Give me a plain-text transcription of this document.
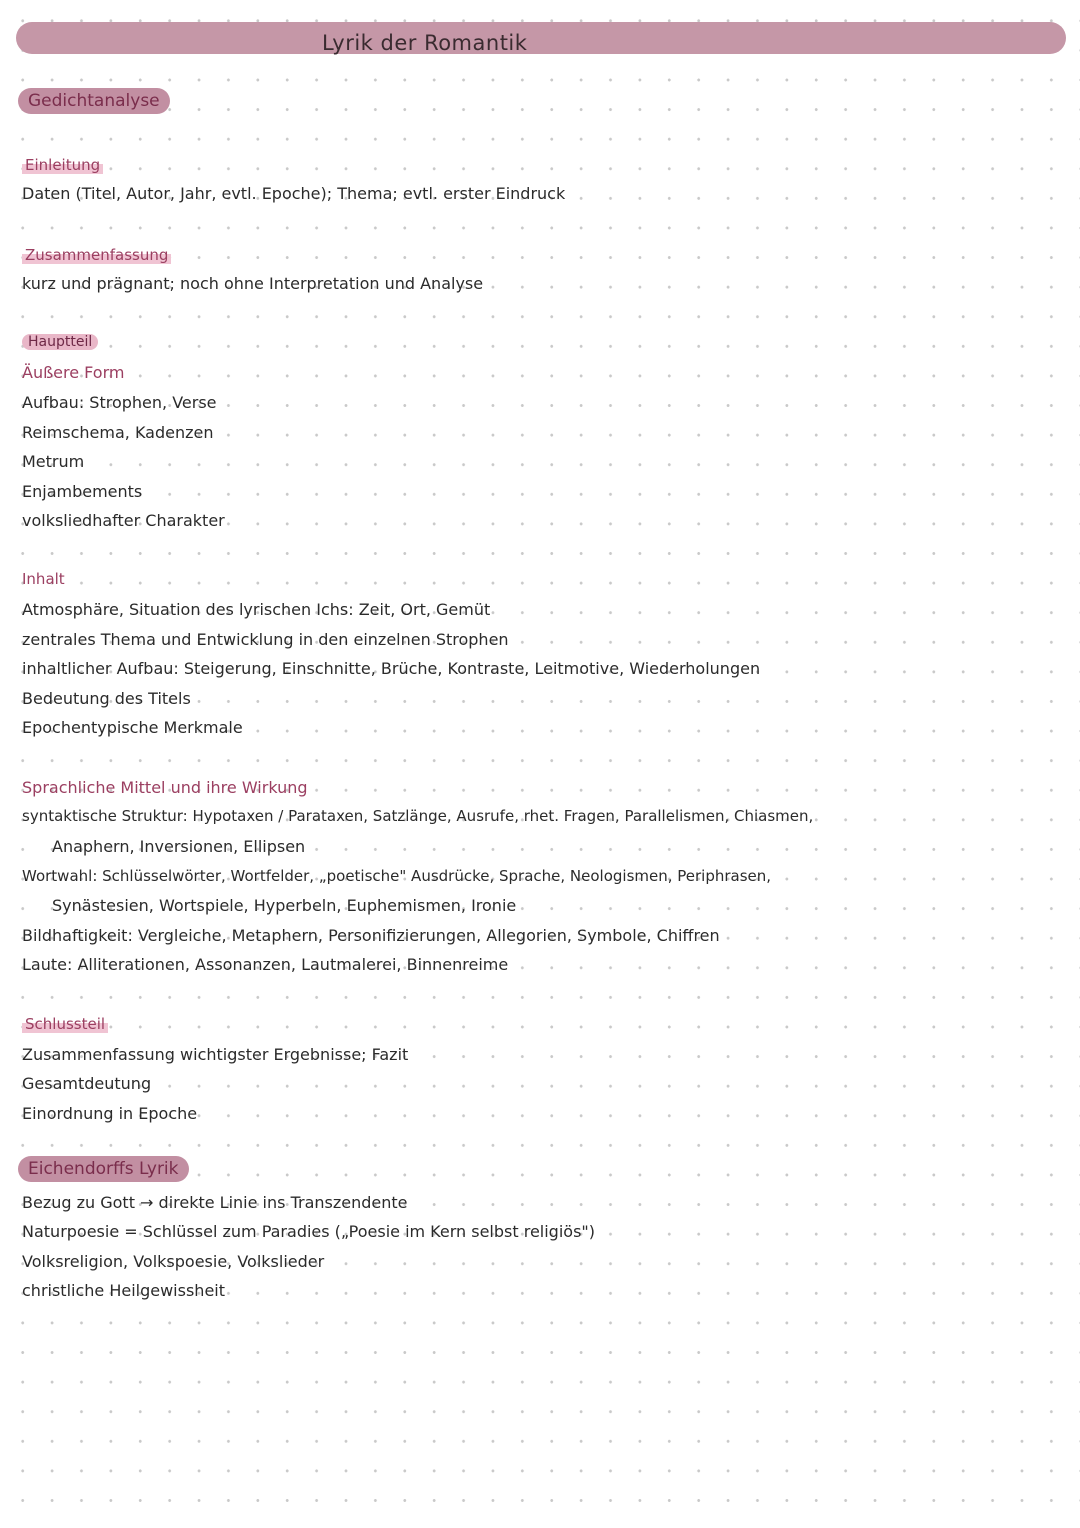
Lyrik der Romantik
Gedichtanalyse
Einleitung
Daten (Titel, Autor, Jahr, evtl. Epoche); Thema; evtl. erster Eindruck
Zusammenfassung
kurz und prägnant; noch ohne Interpretation und Analyse
Hauptteil
Äußere Form
Aufbau: Strophen, Verse
Reimschema, Kadenzen
Metrum
Enjambements
volksliedhafter Charakter
Inhalt
Atmosphäre, Situation des lyrischen Ichs: Zeit, Ort, Gemüt
zentrales Thema und Entwicklung in den einzelnen Strophen
inhaltlicher Aufbau: Steigerung, Einschnitte, Brüche, Kontraste, Leitmotive, Wiederholungen
Bedeutung des Titels
Epochentypische Merkmale
Sprachliche Mittel und ihre Wirkung
syntaktische Struktur: Hypotaxen / Parataxen, Satzlänge, Ausrufe, rhet. Fragen, Parallelismen, Chiasmen,
Anaphern, Inversionen, Ellipsen
Wortwahl: Schlüsselwörter, Wortfelder, „poetische" Ausdrücke, Sprache, Neologismen, Periphrasen,
Synästesien, Wortspiele, Hyperbeln, Euphemismen, Ironie
Bildhaftigkeit: Vergleiche, Metaphern, Personifizierungen, Allegorien, Symbole, Chiffren
Laute: Alliterationen, Assonanzen, Lautmalerei, Binnenreime
Schlussteil
Zusammenfassung wichtigster Ergebnisse; Fazit
Gesamtdeutung
Einordnung in Epoche
Eichendorffs Lyrik
Bezug zu Gott → direkte Linie ins Transzendente
Naturpoesie = Schlüssel zum Paradies („Poesie im Kern selbst religiös")
Volksreligion, Volkspoesie, Volkslieder
christliche Heilgewissheit
